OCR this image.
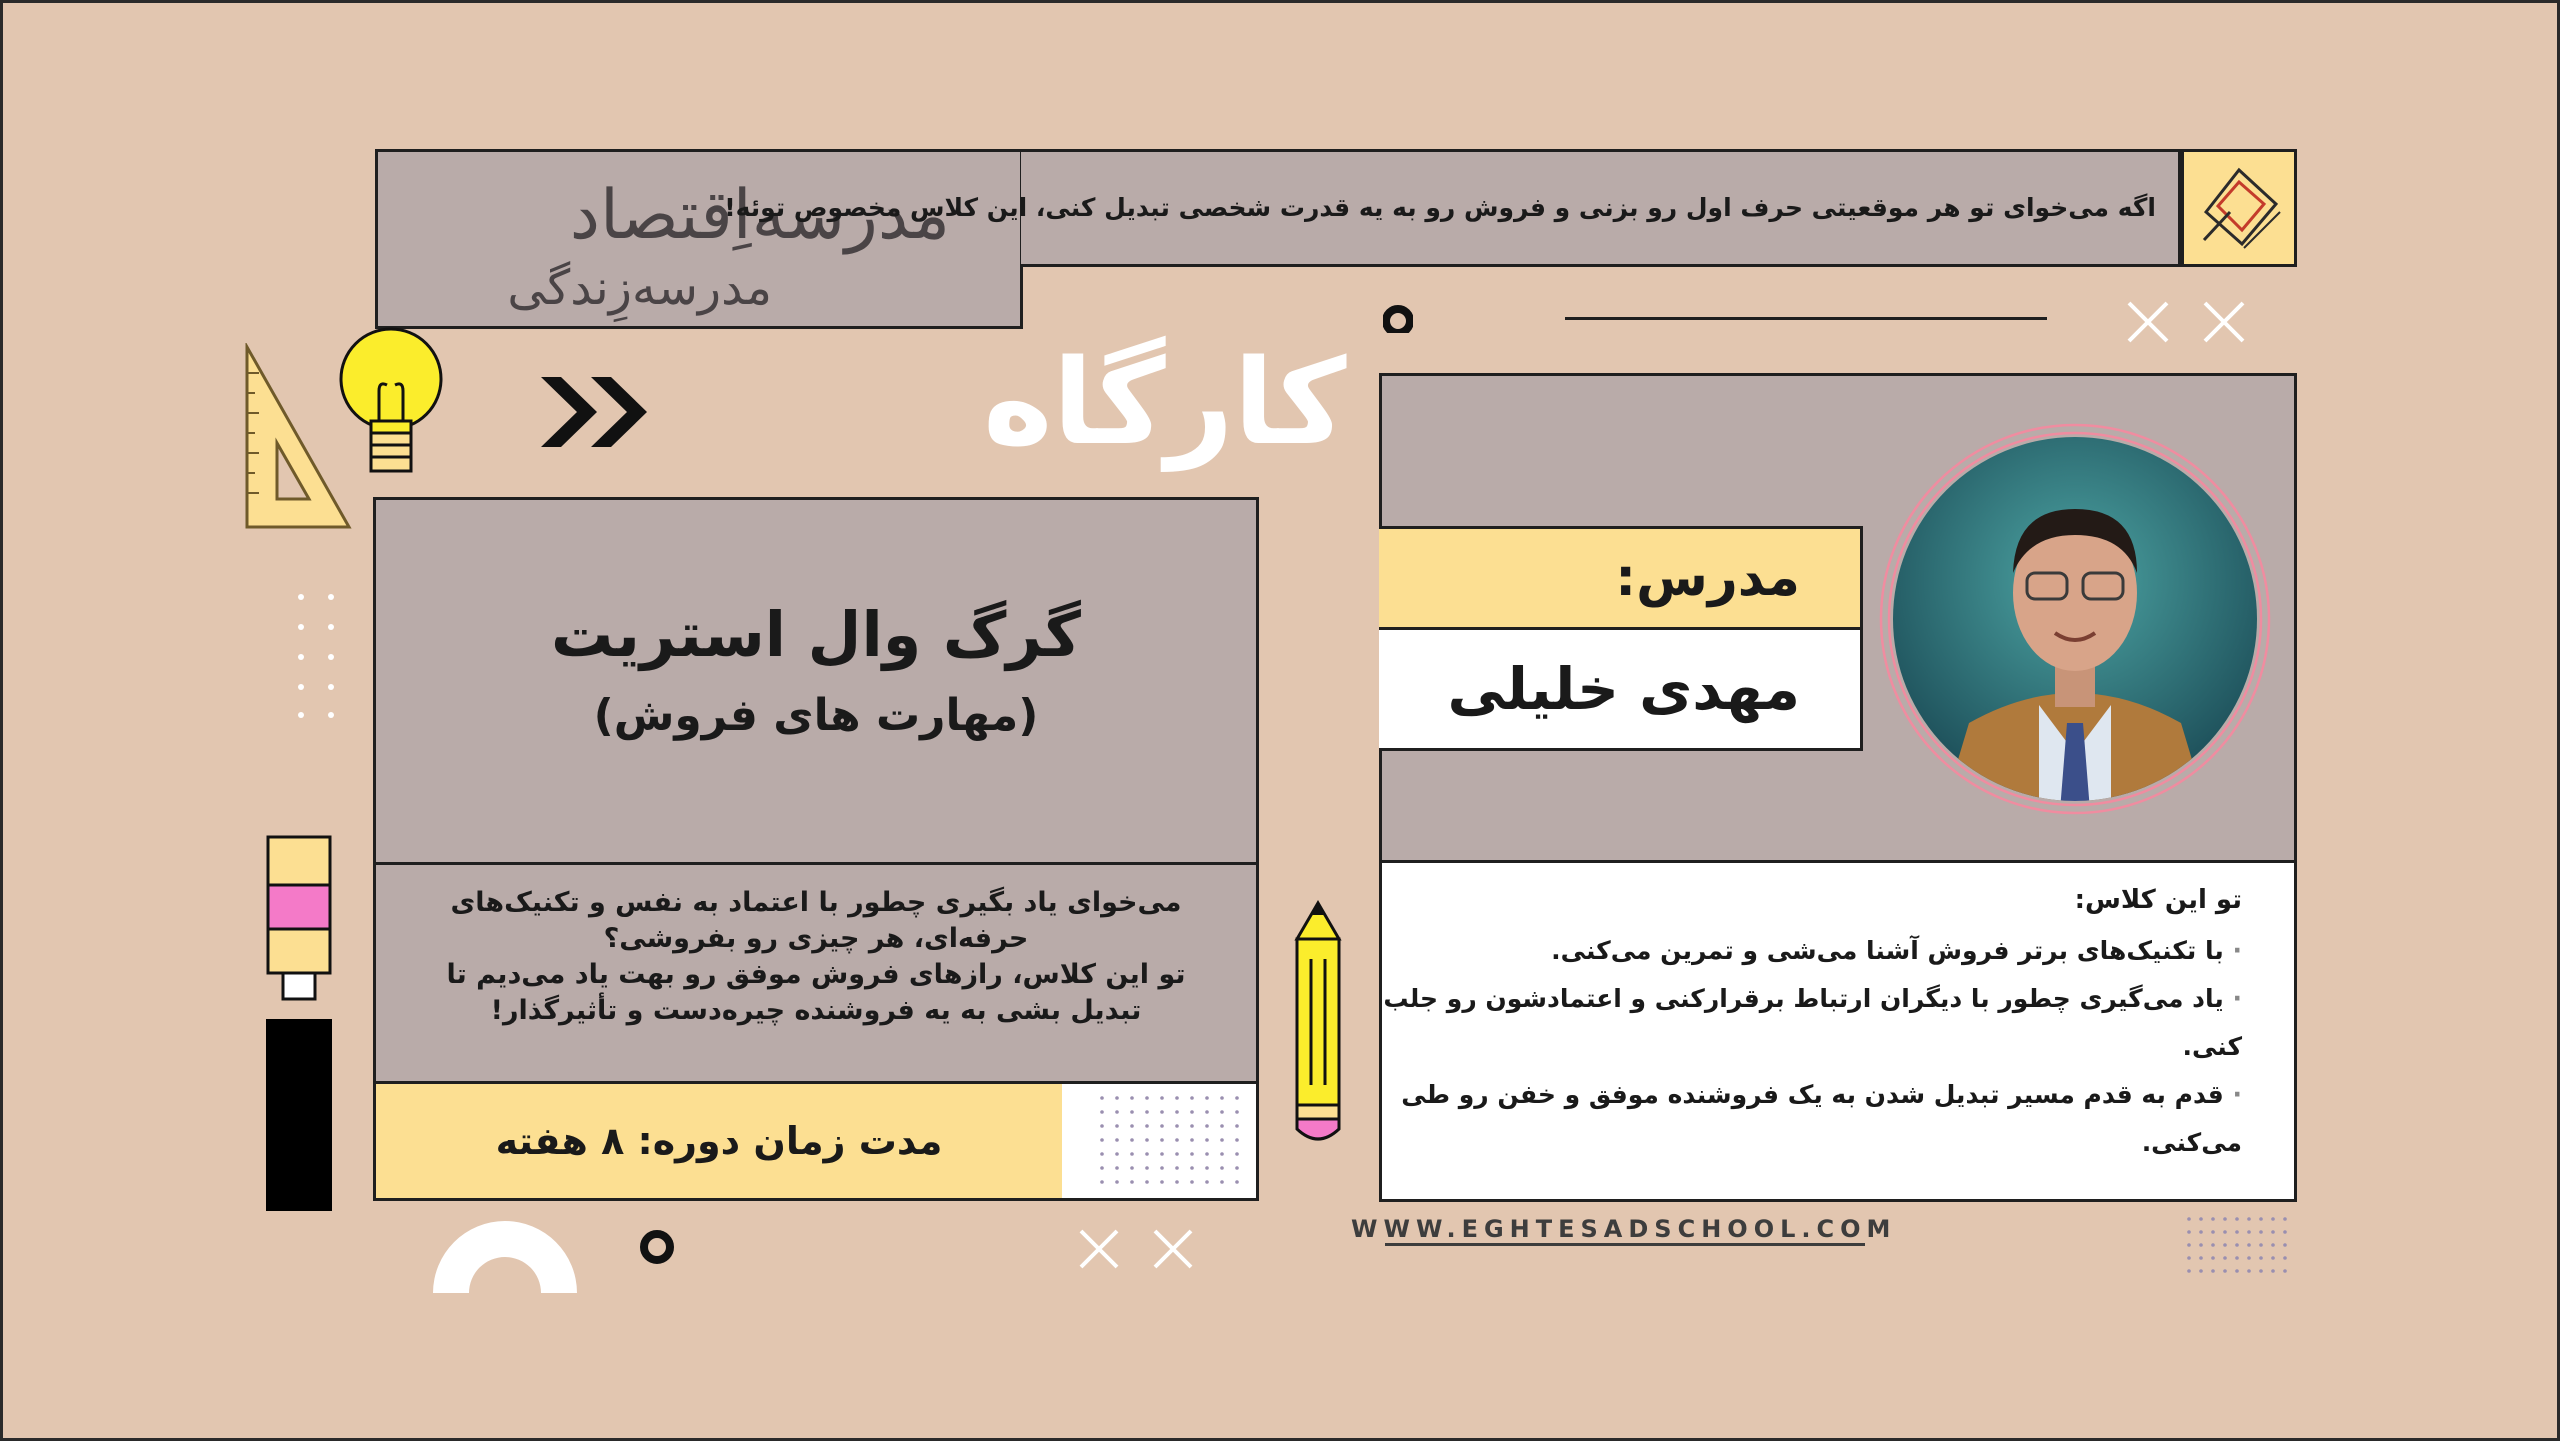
مدرسه‌اِقتصاد
مدرسه‌زِندگی
اگه می‌خوای تو هر موقعیتی حرف اول رو بزنی و فروش رو به یه قدرت شخصی تبدیل کنی، این کلاس مخصوص توئه!
کارگاه
گرگ وال استریت
(مهارت های فروش)

می‌خوای یاد بگیری چطور با اعتماد به نفس و تکنیک‌های حرفه‌ای، هر چیزی رو بفروشی؟

تو این کلاس، رازهای فروش موفق رو بهت یاد می‌دیم تا تبدیل بشی به یه فروشنده چیره‌دست و تأثیرگذار!

مدت زمان دوره: ۸ هفته
مدرس:
مهدی خلیلی
تو این کلاس:
· با تکنیک‌های برتر فروش آشنا می‌شی و تمرین می‌کنی.
· یاد می‌گیری چطور با دیگران ارتباط برقرارکنی و اعتمادشون رو جلب کنی.
· قدم به قدم مسیر تبدیل شدن به یک فروشنده موفق و خفن رو طی می‌کنی.
WWW.EGHTESADSCHOOL.COM
